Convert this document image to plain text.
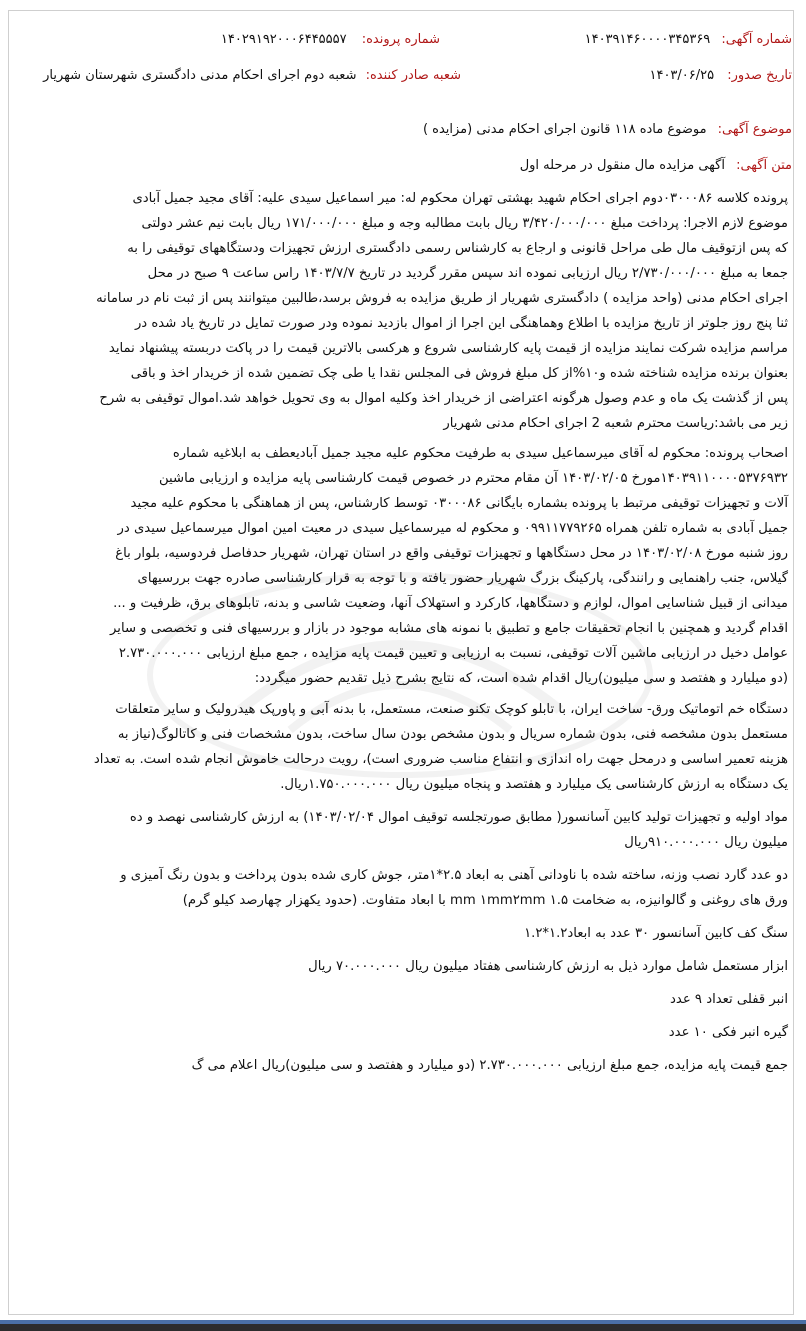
شماره آگهی: ۱۴۰۳۹۱۴۶۰۰۰۰۳۴۵۳۶۹
شماره پرونده: ۱۴۰۲۹۱۹۲۰۰۰۶۴۴۵۵۵۷
تاریخ صدور: ۱۴۰۳/۰۶/۲۵
شعبه صادر کننده: شعبه دوم اجرای احکام مدنی دادگستری شهرستان شهریار
موضوع آگهی: موضوع ماده ۱۱۸ قانون اجرای احکام مدنی (مزایده )
متن آگهی: آگهی مزایده مال منقول در مرحله اول
پرونده کلاسه ۰۳۰۰۰۸۶دوم اجرای احکام شهید بهشتی تهران محکوم له: میر اسماعیل سیدی علیه: آقای مجید جمیل آبادی
موضوع لازم الاجرا: پرداخت مبلغ ۳/۴۲۰/۰۰۰/۰۰۰ ریال بابت مطالبه وجه و مبلغ ۱۷۱/۰۰۰/۰۰۰ ریال بابت نیم عشر دولتی
که پس ازتوقیف مال طی مراحل قانونی و ارجاع به کارشناس رسمی دادگستری ارزش تجهیزات ودستگاههای توقیفی را به
جمعا به مبلغ ۲/۷۳۰/۰۰۰/۰۰۰ ریال ارزیابی نموده اند سپس مقرر گردید در تاریخ ۱۴۰۳/۷/۷ راس ساعت ۹ صبح در محل
اجرای احکام مدنی (واحد مزایده ) دادگستری شهریار از طریق مزایده به فروش برسد،طالبین میتوانند پس از ثبت نام در سامانه
ثنا پنج روز جلوتر از تاریخ مزایده با اطلاع وهماهنگی این اجرا از اموال بازدید نموده ودر صورت تمایل در تاریخ یاد شده در
مراسم مزایده شرکت نمایند مزایده از قیمت پایه کارشناسی شروع و هرکسی بالاترین قیمت را در پاکت دربسته پیشنهاد نماید
بعنوان برنده مزایده شناخته شده و۱۰%از کل مبلغ فروش فی المجلس نقدا یا طی چک تضمین شده از خریدار اخذ و باقی
پس از گذشت یک ماه و عدم وصول هرگونه اعتراضی از خریدار اخذ وکلیه اموال به وی تحویل خواهد شد.اموال توقیفی به شرح
زیر می باشد:ریاست محترم شعبه 2 اجرای احکام مدنی شهریار
اصحاب پرونده: محکوم له آقای میرسماعیل سیدی به طرفیت محکوم علیه مجید جمیل آبادیعطف به ابلاغیه شماره
۱۴۰۳۹۱۱۰۰۰۰۵۳۷۶۹۳۲مورخ ۱۴۰۳/۰۲/۰۵ آن مقام محترم در خصوص قیمت کارشناسی پایه مزایده و ارزیابی ماشین
آلات و تجهیزات توقیفی مرتبط با پرونده بشماره بایگانی ۰۳۰۰۰۸۶ توسط کارشناس، پس از هماهنگی با محکوم علیه مجید
جمیل آبادی به شماره تلفن همراه ۰۹۹۱۱۷۷۹۲۶۵ و محکوم له میرسماعیل سیدی در معیت امین اموال میرسماعیل سیدی در
روز شنبه مورخ ۱۴۰۳/۰۲/۰۸ در محل دستگاهها و تجهیزات توقیفی واقع در استان تهران، شهریار حدفاصل فردوسیه، بلوار باغ
گیلاس، جنب راهنمایی و رانندگی، پارکینگ بزرگ شهریار حضور یافته و با توجه به قرار کارشناسی صادره جهت بررسیهای
میدانی از قبیل شناسایی اموال، لوازم و دستگاهها، کارکرد و استهلاک آنها، وضعیت شاسی و بدنه، تابلوهای برق، ظرفیت و ...
اقدام گردید و همچنین با انجام تحقیقات جامع و تطبیق با نمونه های مشابه موجود در بازار و بررسیهای فنی و تخصصی و سایر
عوامل دخیل در ارزیابی ماشین آلات توقیفی، نسبت به ارزیابی و تعیین قیمت پایه مزایده ، جمع مبلغ ارزیابی ۲.۷۳۰.۰۰۰.۰۰۰
(دو میلیارد و هفتصد و سی میلیون)ریال اقدام شده است، که نتایج بشرح ذیل تقدیم حضور میگردد:
دستگاه خم اتوماتیک ورق- ساخت ایران، با تابلو کوچک تکنو صنعت، مستعمل، با بدنه آبی و پاورپک هیدرولیک و سایر متعلقات
مستعمل بدون مشخصه فنی، بدون شماره سریال و بدون مشخص بودن سال ساخت، بدون مشخصات فنی و کاتالوگ(نیاز به
هزینه تعمیر اساسی و درمحل جهت راه اندازی و انتفاع مناسب ضروری است)، رویت درحالت خاموش انجام شده است. به تعداد
یک دستگاه به ارزش کارشناسی یک میلیارد و هفتصد و پنجاه میلیون ریال ۱.۷۵۰.۰۰۰.۰۰۰ریال.
مواد اولیه و تجهیزات تولید کابین آسانسور( مطابق صورتجلسه توقیف اموال ۱۴۰۳/۰۲/۰۴) به ارزش کارشناسی نهصد و ده
میلیون ریال ۹۱۰.۰۰۰.۰۰۰ریال
دو عدد گارد نصب وزنه، ساخته شده با ناودانی آهنی به ابعاد ۲.۵*۱متر، جوش کاری شده بدون پرداخت و بدون رنگ آمیزی و
ورق های روغنی و گالوانیزه، به ضخامت ۱.۵ mm ۱mm۲mm با ابعاد متفاوت. (حدود یکهزار چهارصد کیلو گرم)
سنگ کف کابین آسانسور ۳۰ عدد به ابعاد۱.۲*۱.۲
ابزار مستعمل شامل موارد ذیل به ارزش کارشناسی هفتاد میلیون ریال ۷۰.۰۰۰.۰۰۰ ریال
انبر قفلی تعداد ۹ عدد
گیره انبر فکی ۱۰ عدد
جمع قیمت پایه مزایده، جمع مبلغ ارزیابی ۲.۷۳۰.۰۰۰.۰۰۰ (دو میلیارد و هفتصد و سی میلیون)ریال اعلام می گ
